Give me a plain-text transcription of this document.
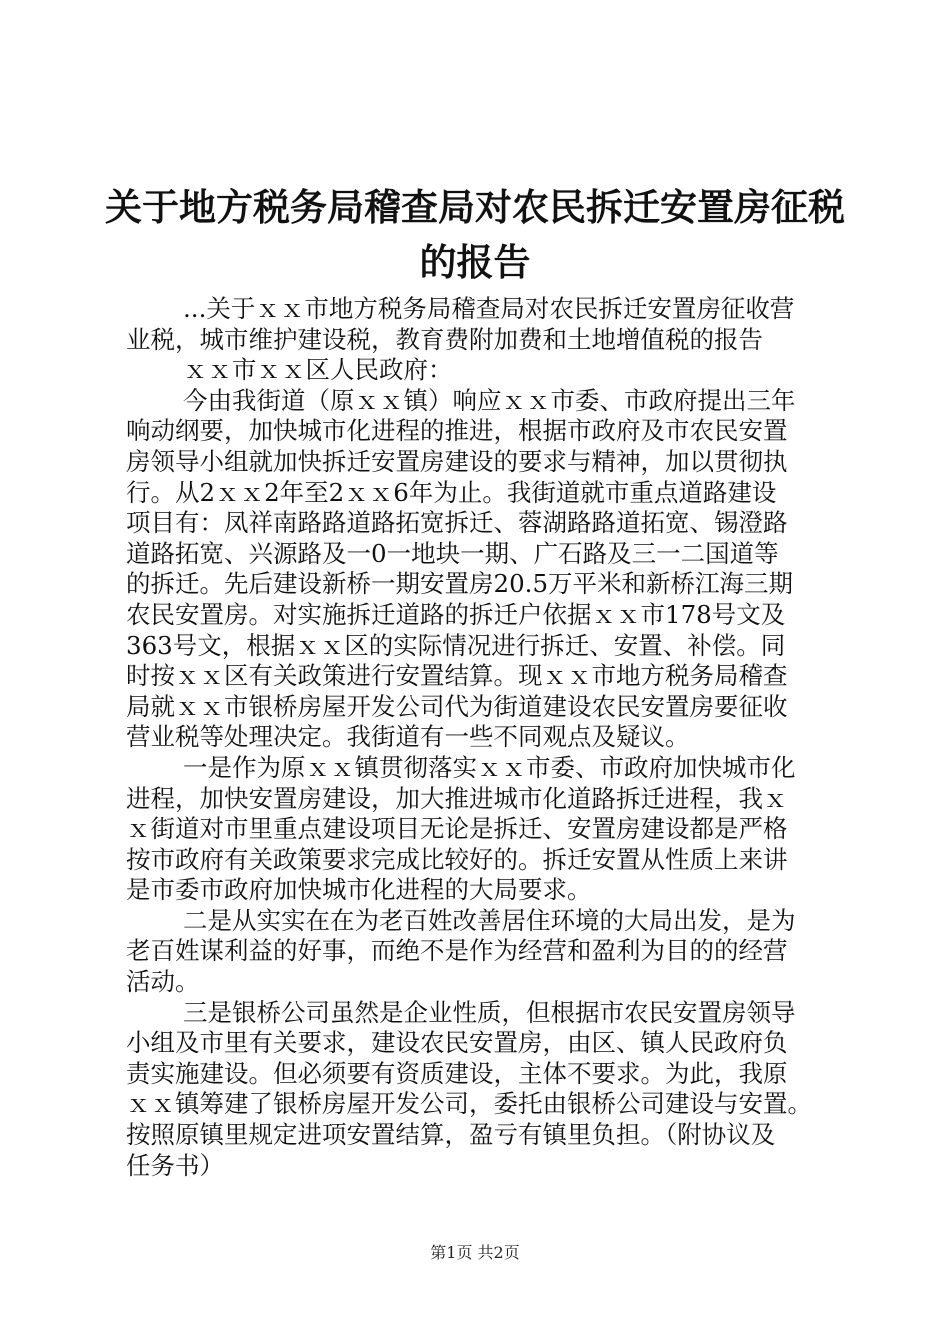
关于地方税务局稽查局对农民拆迁安置房征税
的报告
...关于ｘｘ市地方税务局稽查局对农民拆迁安置房征收营
业税，城市维护建设税，教育费附加费和土地增值税的报告
ｘｘ市ｘｘ区人民政府：
今由我街道（原ｘｘ镇）响应ｘｘ市委、市政府提出三年
响动纲要，加快城市化进程的推进，根据市政府及市农民安置
房领导小组就加快拆迁安置房建设的要求与精神，加以贯彻执
行。从2ｘｘ2年至2ｘｘ6年为止。我街道就市重点道路建设
项目有：凤祥南路路道路拓宽拆迁、蓉湖路路道拓宽、锡澄路
道路拓宽、兴源路及一0一地块一期、广石路及三一二国道等
的拆迁。先后建设新桥一期安置房20.5万平米和新桥江海三期
农民安置房。对实施拆迁道路的拆迁户依据ｘｘ市178号文及
363号文，根据ｘｘ区的实际情况进行拆迁、安置、补偿。同
时按ｘｘ区有关政策进行安置结算。现ｘｘ市地方税务局稽查
局就ｘｘ市银桥房屋开发公司代为街道建设农民安置房要征收
营业税等处理决定。我街道有一些不同观点及疑议。
一是作为原ｘｘ镇贯彻落实ｘｘ市委、市政府加快城市化
进程，加快安置房建设，加大推进城市化道路拆迁进程，我ｘ
ｘ街道对市里重点建设项目无论是拆迁、安置房建设都是严格
按市政府有关政策要求完成比较好的。拆迁安置从性质上来讲
是市委市政府加快城市化进程的大局要求。
二是从实实在在为老百姓改善居住环境的大局出发，是为
老百姓谋利益的好事，而绝不是作为经营和盈利为目的的经营
活动。
三是银桥公司虽然是企业性质，但根据市农民安置房领导
小组及市里有关要求，建设农民安置房，由区、镇人民政府负
责实施建设。但必须要有资质建设，主体不要求。为此，我原
ｘｘ镇筹建了银桥房屋开发公司，委托由银桥公司建设与安置。
按照原镇里规定进项安置结算，盈亏有镇里负担。（附协议及
任务书）
第1页 共2页
